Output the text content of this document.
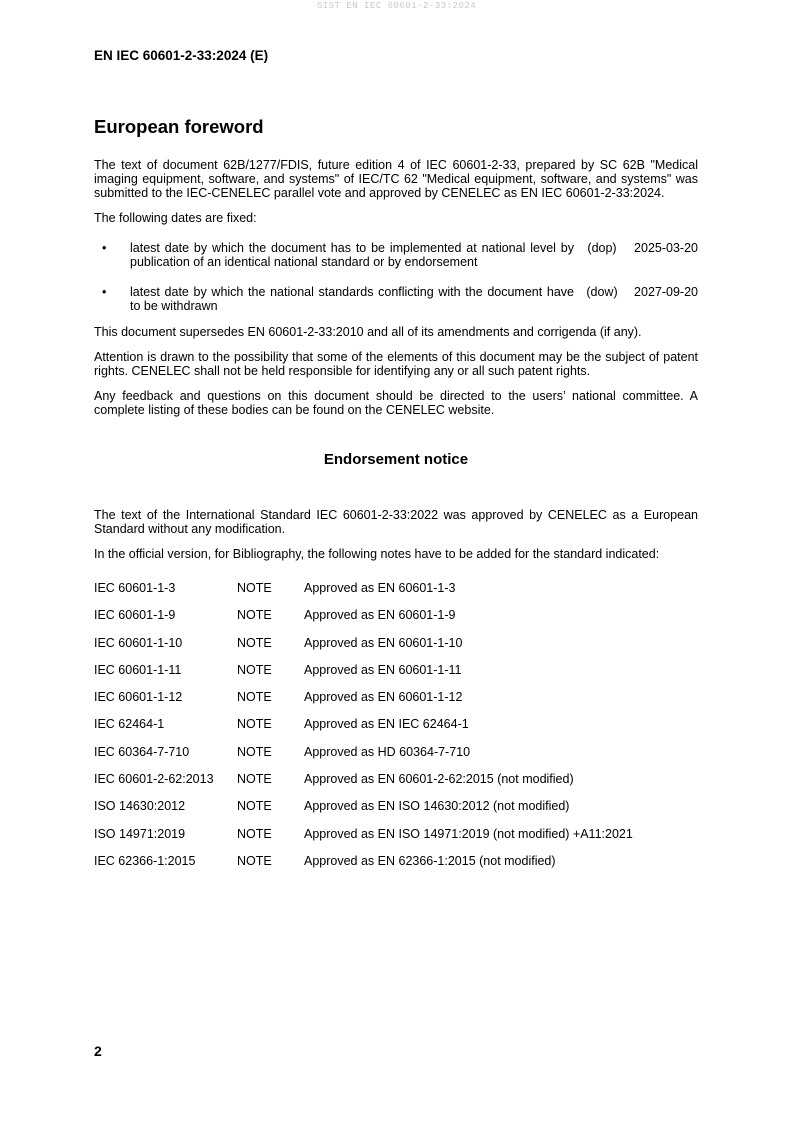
SIST EN IEC 60601-2-33:2024
EN IEC 60601-2-33:2024 (E)
European foreword

The text of document 62B/1277/FDIS, future edition 4 of IEC 60601-2-33, prepared by SC 62B "Medical imaging equipment, software, and systems" of IEC/TC 62 "Medical equipment, software, and systems" was submitted to the IEC-CENELEC parallel vote and approved by CENELEC as EN IEC 60601-2-33:2024.

The following dates are fixed:

•	latest date by which the document has to be implemented at national level by publication of an identical national standard or by endorsement
(dop)	2025-03-20
•	latest date by which the national standards conflicting with the document have to be withdrawn
(dow)	2027-09-20

This document supersedes EN 60601-2-33:2010 and all of its amendments and corrigenda (if any).

Attention is drawn to the possibility that some of the elements of this document may be the subject of patent rights. CENELEC shall not be held responsible for identifying any or all such patent rights.

Any feedback and questions on this document should be directed to the users’ national committee. A complete listing of these bodies can be found on the CENELEC website.

Endorsement notice

The text of the International Standard IEC 60601-2-33:2022 was approved by CENELEC as a European Standard without any modification.

In the official version, for Bibliography, the following notes have to be added for the standard indicated:

IEC 60601-1-3	NOTE	Approved as EN 60601-1-3
IEC 60601-1-9	NOTE	Approved as EN 60601-1-9
IEC 60601-1-10	NOTE	Approved as EN 60601-1-10
IEC 60601-1-11	NOTE	Approved as EN 60601-1-11
IEC 60601-1-12	NOTE	Approved as EN 60601-1-12
IEC 62464-1	NOTE	Approved as EN IEC 62464-1
IEC 60364-7-710	NOTE	Approved as HD 60364-7-710
IEC 60601-2-62:2013	NOTE	Approved as EN 60601-2-62:2015 (not modified)
ISO 14630:2012	NOTE	Approved as EN ISO 14630:2012 (not modified)
ISO 14971:2019	NOTE	Approved as EN ISO 14971:2019 (not modified) +A11:2021
IEC 62366-1:2015	NOTE	Approved as EN 62366-1:2015 (not modified)
2
